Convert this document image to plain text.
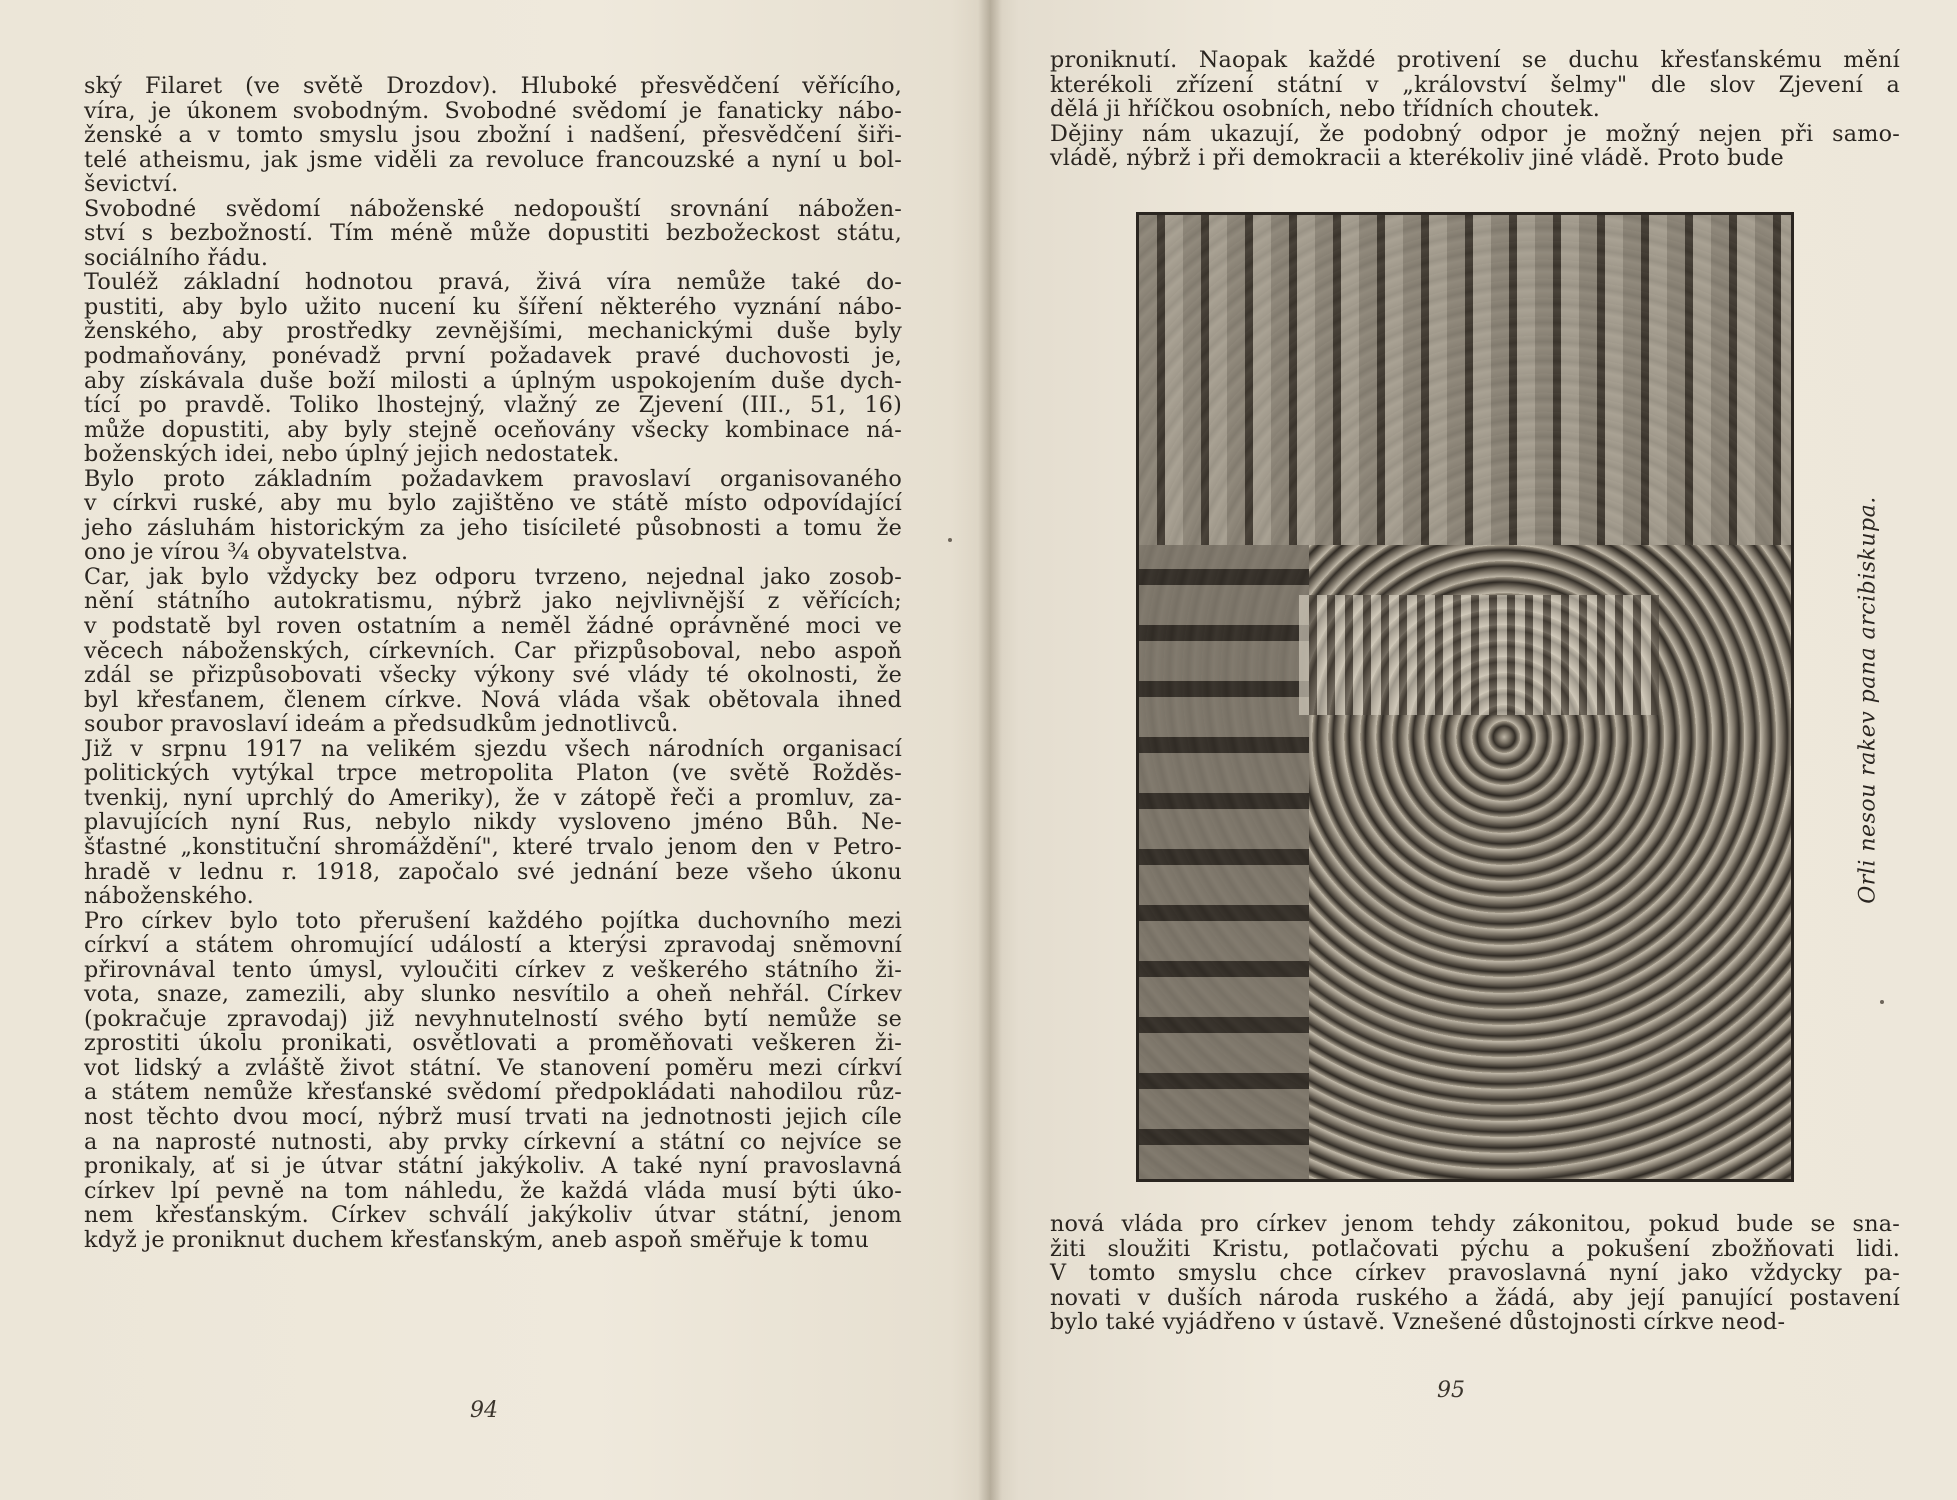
ský Filaret (ve světě Drozdov). Hluboké přesvědčení věřícího,
víra, je úkonem svobodným. Svobodné svědomí je fanaticky nábo-
ženské a v tomto smyslu jsou zbožní i nadšení, přesvědčení šiři-
telé atheismu, jak jsme viděli za revoluce francouzské a nyní u bol-
ševictví.
Svobodné svědomí náboženské nedopouští srovnání nábožen-
ství s bezbožností. Tím méně může dopustiti bezbožeckost státu,
sociálního řádu.
Touléž základní hodnotou pravá, živá víra nemůže také do-
pustiti, aby bylo užito nucení ku šíření některého vyznání nábo-
ženského, aby prostředky zevnějšími, mechanickými duše byly
podmaňovány, ponévadž první požadavek pravé duchovosti je,
aby získávala duše boží milosti a úplným uspokojením duše dych-
tící po pravdě. Toliko lhostejný, vlažný ze Zjevení (III., 51, 16)
může dopustiti, aby byly stejně oceňovány všecky kombinace ná-
boženských idei, nebo úplný jejich nedostatek.
Bylo proto základním požadavkem pravoslaví organisovaného
v církvi ruské, aby mu bylo zajištěno ve státě místo odpovídající
jeho zásluhám historickým za jeho tisícileté působnosti a tomu že
ono je vírou ³⁄₄ obyvatelstva.
Car, jak bylo vždycky bez odporu tvrzeno, nejednal jako zosob-
nění státního autokratismu, nýbrž jako nejvlivnější z věřících;
v podstatě byl roven ostatním a neměl žádné oprávněné moci ve
věcech náboženských, církevních. Car přizpůsoboval, nebo aspoň
zdál se přizpůsobovati všecky výkony své vlády té okolnosti, že
byl křesťanem, členem církve. Nová vláda však obětovala ihned
soubor pravoslaví ideám a předsudkům jednotlivců.
Již v srpnu 1917 na velikém sjezdu všech národních organisací
politických vytýkal trpce metropolita Platon (ve světě Rožděs-
tvenkij, nyní uprchlý do Ameriky), že v zátopě řeči a promluv, za-
plavujících nyní Rus, nebylo nikdy vysloveno jméno Bůh. Ne-
šťastné „konstituční shromáždění", které trvalo jenom den v Petro-
hradě v lednu r. 1918, započalo své jednání beze všeho úkonu
náboženského.
Pro církev bylo toto přerušení každého pojítka duchovního mezi
církví a státem ohromující událostí a kterýsi zpravodaj sněmovní
přirovnával tento úmysl, vyloučiti církev z veškerého státního ži-
vota, snaze, zamezili, aby slunko nesvítilo a oheň nehřál. Církev
(pokračuje zpravodaj) již nevyhnutelností svého bytí nemůže se
zprostiti úkolu pronikati, osvětlovati a proměňovati veškeren ži-
vot lidský a zvláště život státní. Ve stanovení poměru mezi církví
a státem nemůže křesťanské svědomí předpokládati nahodilou růz-
nost těchto dvou mocí, nýbrž musí trvati na jednotnosti jejich cíle
a na naprosté nutnosti, aby prvky církevní a státní co nejvíce se
pronikaly, ať si je útvar státní jakýkoliv. A také nyní pravoslavná
církev lpí pevně na tom náhledu, že každá vláda musí býti úko-
nem křesťanským. Církev schválí jakýkoliv útvar státní, jenom
když je proniknut duchem křesťanským, aneb aspoň směřuje k tomu
94
proniknutí. Naopak každé protivení se duchu křesťanskému mění
kterékoli zřízení státní v „království šelmy" dle slov Zjevení a
dělá ji hříčkou osobních, nebo třídních choutek.
Dějiny nám ukazují, že podobný odpor je možný nejen při samo-
vládě, nýbrž i při demokracii a kterékoliv jiné vládě. Proto bude
Orli nesou rakev pana arcibiskupa.
nová vláda pro církev jenom tehdy zákonitou, pokud bude se sna-
žiti sloužiti Kristu, potlačovati pýchu a pokušení zbožňovati lidi.
V tomto smyslu chce církev pravoslavná nyní jako vždycky pa-
novati v duších národa ruského a žádá, aby její panující postavení
bylo také vyjádřeno v ústavě. Vznešené důstojnosti církve neod-
95
